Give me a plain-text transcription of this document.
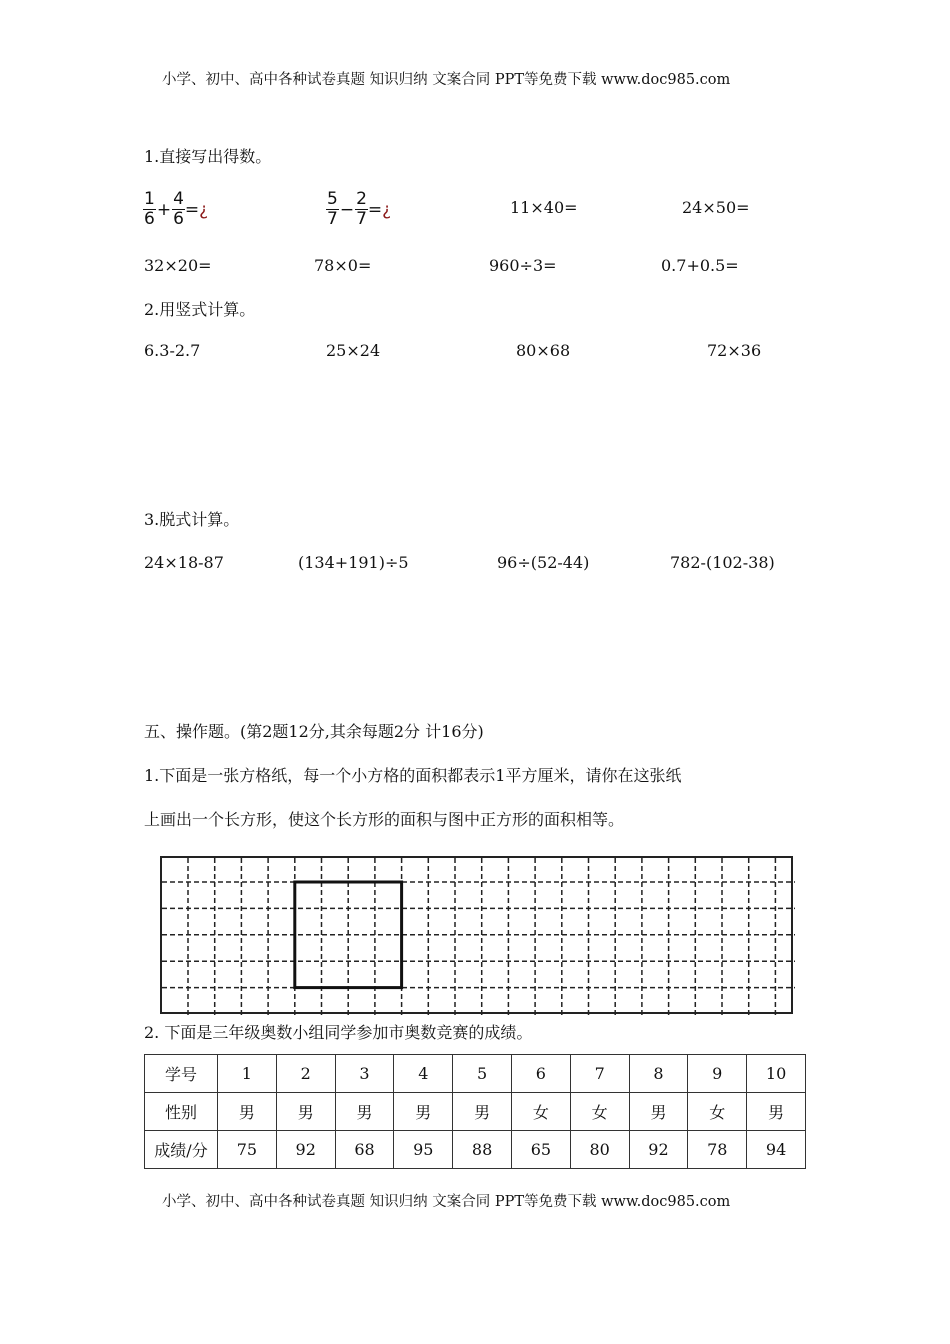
小学、初中、高中各种试卷真题 知识归纳 文案合同 PPT等免费下载 www.doc985.com
1.直接写出得数。
1
$6 + \frac{4}{6}$ = ¿
5
$7 - \frac{2}{7}$ = ¿	11×40=	24×50=
32×20=	78×0=	960÷3=	0.7+0.5=
2.用竖式计算。
6.3-2.7	25×24	80×68	72×36
3.脱式计算。
24×18-87	(134+191)÷5	96÷(52-44)	782-(102-38)
五、操作题。(第2题12分,其余每题2分 计16分)
1.下面是一张方格纸，每一个小方格的面积都表示1平方厘米，请你在这张纸
上画出一个长方形，使这个长方形的面积与图中正方形的面积相等。
2. 下面是三年级奥数小组同学参加市奥数竞赛的成绩。
学号	1	2	3	4	5	6	7	8	9	10
性别	男	男	男	男	男	女	女	男	女	男
成绩/分	75	92	68	95	88	65	80	92	78	94
小学、初中、高中各种试卷真题 知识归纳 文案合同 PPT等免费下载 www.doc985.com
